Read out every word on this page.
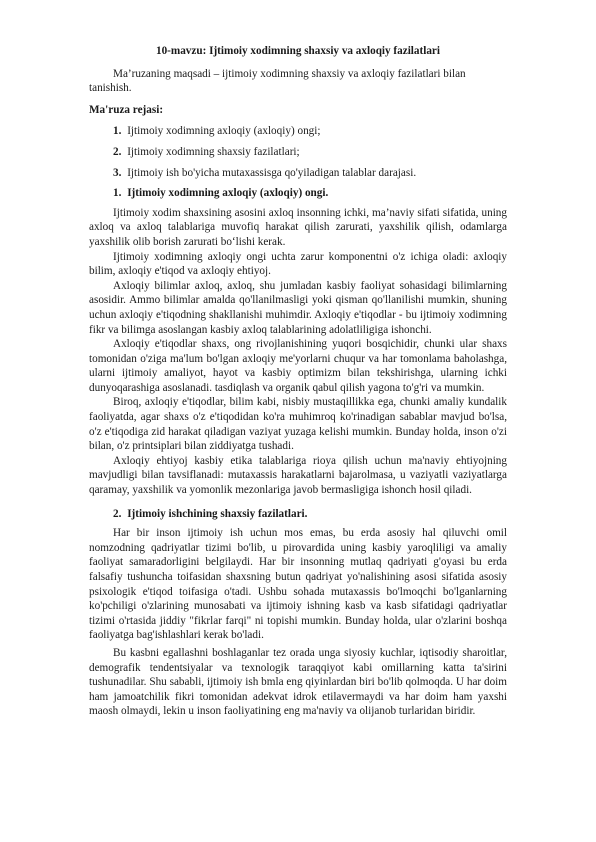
10-mavzu: Ijtimoiy xodimning shaxsiy va axloqiy fazilatlari

Ma’ruzaning maqsadi – ijtimoiy xodimning shaxsiy va axloqiy fazilatlari bilan tanishish.

Ma'ruza rejasi:

1. Ijtimoiy xodimning axloqiy (axloqiy) ongi;

2. Ijtimoiy xodimning shaxsiy fazilatlari;

3. Ijtimoiy ish bo'yicha mutaxassisga qo'yiladigan talablar darajasi.

1. Ijtimoiy xodimning axloqiy (axloqiy) ongi.

Ijtimoiy xodim shaxsining asosini axloq insonning ichki, ma’naviy sifati sifatida, uning axloq va axloq talablariga muvofiq harakat qilish zarurati, yaxshilik qilish, odamlarga yaxshilik olib borish zarurati bo‘lishi kerak.

Ijtimoiy xodimning axloqiy ongi uchta zarur komponentni o'z ichiga oladi: axloqiy bilim, axloqiy e'tiqod va axloqiy ehtiyoj.

Axloqiy bilimlar axloq, axloq, shu jumladan kasbiy faoliyat sohasidagi bilimlarning asosidir. Ammo bilimlar amalda qo'llanilmasligi yoki qisman qo'llanilishi mumkin, shuning uchun axloqiy e'tiqodning shakllanishi muhimdir. Axloqiy e'tiqodlar - bu ijtimoiy xodimning fikr va bilimga asoslangan kasbiy axloq talablarining adolatliligiga ishonchi.

Axloqiy e'tiqodlar shaxs, ong rivojlanishining yuqori bosqichidir, chunki ular shaxs tomonidan o'ziga ma'lum bo'lgan axloqiy me'yorlarni chuqur va har tomonlama baholashga, ularni ijtimoiy amaliyot, hayot va kasbiy optimizm bilan tekshirishga, ularning ichki dunyoqarashiga asoslanadi. tasdiqlash va organik qabul qilish yagona to'g'ri va mumkin.

Biroq, axloqiy e'tiqodlar, bilim kabi, nisbiy mustaqillikka ega, chunki amaliy kundalik faoliyatda, agar shaxs o'z e'tiqodidan ko'ra muhimroq ko'rinadigan sabablar mavjud bo'lsa, o'z e'tiqodiga zid harakat qiladigan vaziyat yuzaga kelishi mumkin. Bunday holda, inson o'zi bilan, o'z printsiplari bilan ziddiyatga tushadi.

Axloqiy ehtiyoj kasbiy etika talablariga rioya qilish uchun ma'naviy ehtiyojning mavjudligi bilan tavsiflanadi: mutaxassis harakatlarni bajarolmasa, u vaziyatli vaziyatlarga qaramay, yaxshilik va yomonlik mezonlariga javob bermasligiga ishonch hosil qiladi.

2. Ijtimoiy ishchining shaxsiy fazilatlari.

Har bir inson ijtimoiy ish uchun mos emas, bu erda asosiy hal qiluvchi omil nomzodning qadriyatlar tizimi bo'lib, u pirovardida uning kasbiy yaroqliligi va amaliy faoliyat samaradorligini belgilaydi. Har bir insonning mutlaq qadriyati g'oyasi bu erda falsafiy tushuncha toifasidan shaxsning butun qadriyat yo'nalishining asosi sifatida asosiy psixologik e'tiqod toifasiga o'tadi. Ushbu sohada mutaxassis bo'lmoqchi bo'lganlarning ko'pchiligi o'zlarining munosabati va ijtimoiy ishning kasb va kasb sifatidagi qadriyatlar tizimi o'rtasida jiddiy "fikrlar farqi" ni topishi mumkin. Bunday holda, ular o'zlarini boshqa faoliyatga bag'ishlashlari kerak bo'ladi.

Bu kasbni egallashni boshlaganlar tez orada unga siyosiy kuchlar, iqtisodiy sharoitlar, demografik tendentsiyalar va texnologik taraqqiyot kabi omillarning katta ta'sirini tushunadilar. Shu sababli, ijtimoiy ish bmla eng qiyinlardan biri bo'lib qolmoqda. U har doim ham jamoatchilik fikri tomonidan adekvat idrok etilavermaydi va har doim ham yaxshi maosh olmaydi, lekin u inson faoliyatining eng ma'naviy va olijanob turlaridan biridir.
